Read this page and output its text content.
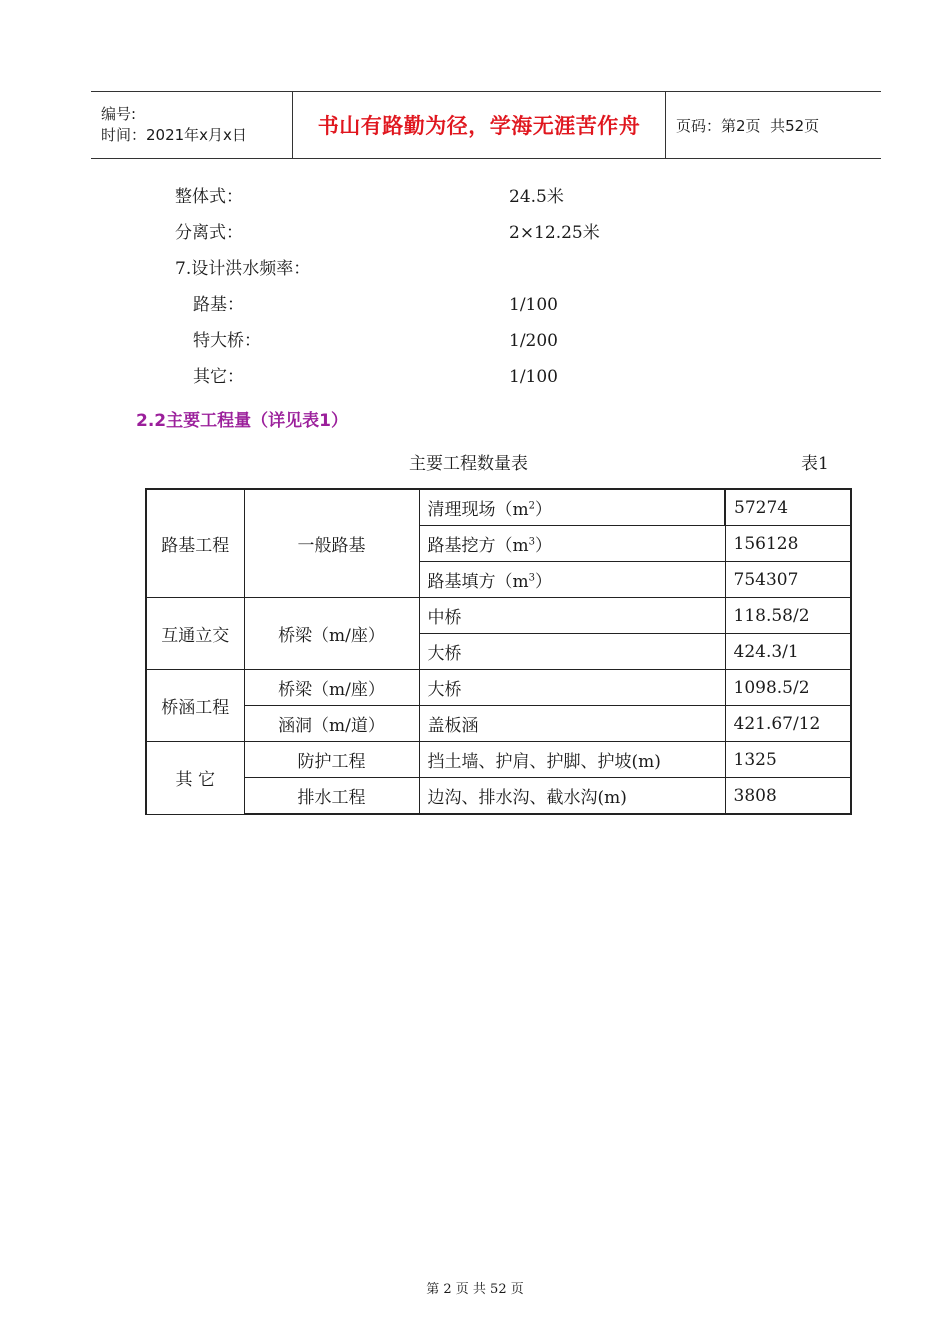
编号:
时间：2021年x月x日	书山有路勤为径，学海无涯苦作舟	页码：第2页  共52页
整体式：	24.5米
分离式：	2×12.25米
7.设计洪水频率：
路基：	1/100
特大桥：	1/200
其它：	1/100
2.2主要工程量（详见表1）
主要工程数量表	表1
路基工程	一般路基	清理现场$(m^2)$	57274
		路基挖方$(m^3)$	156128
		路基填方$(m^3)$	754307
互通立交	桥梁（m/座）	中桥	118.58/2
		大桥	424.3/1
桥涵工程	桥梁（m/座）	大桥	1098.5/2
	涵洞（m/道）	盖板涵	421.67/12
其 它	防护工程	挡土墙、护肩、护脚、护坡(m)	1325
	排水工程	边沟、排水沟、截水沟(m)	3808
第 2 页 共 52 页
